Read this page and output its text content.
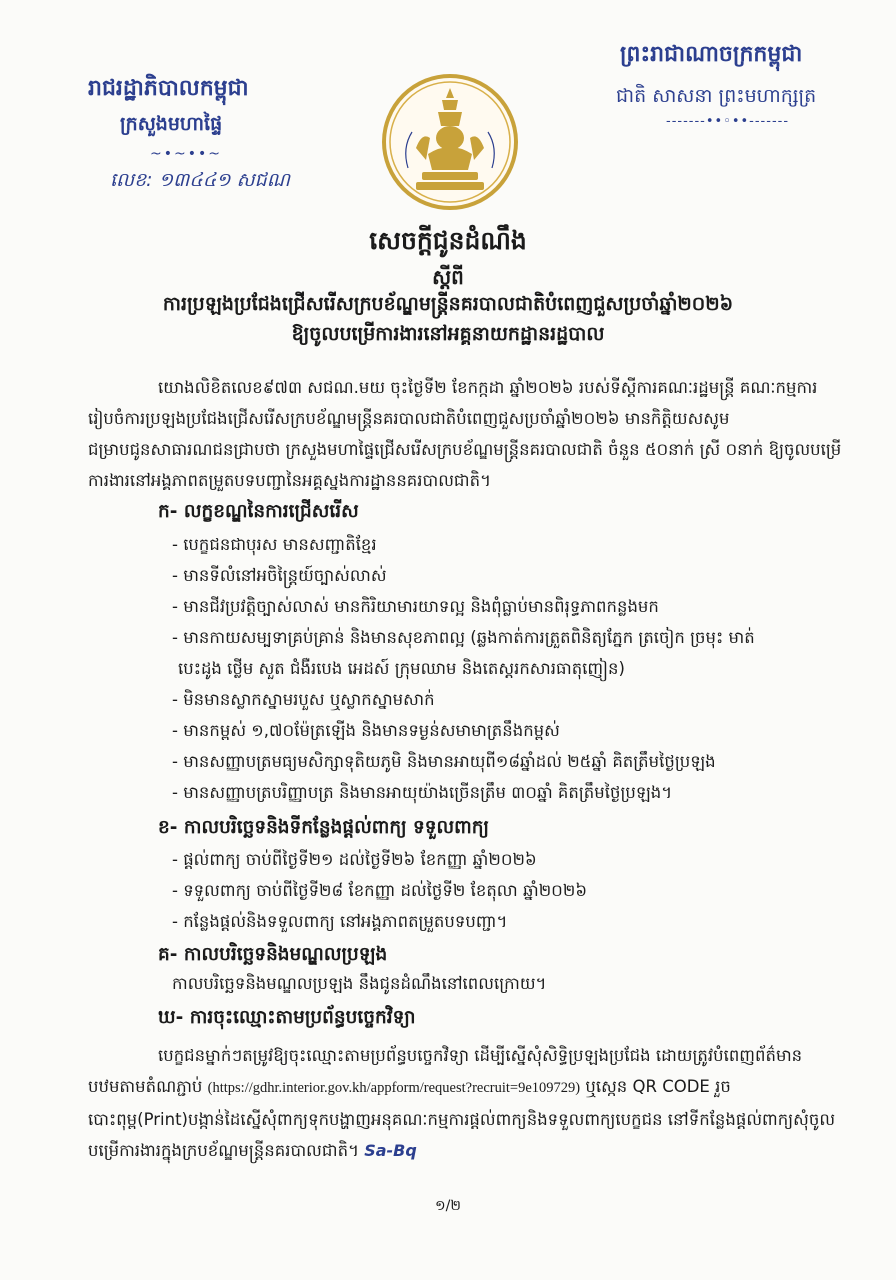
រាជរដ្ឋាភិបាលកម្ពុជា
ក្រសួងមហាផ្ទៃ
~•~••~
លេខ: ១៣៤៤១ សជណ
ព្រះរាជាណាចក្រកម្ពុជា
ជាតិ សាសនា ព្រះមហាក្សត្រ
-------••◦••-------
សេចក្តីជូនដំណឹង
ស្តីពី
ការប្រឡងប្រជែងជ្រើសរើសក្របខ័ណ្ឌមន្ត្រីនគរបាលជាតិបំពេញជួសប្រចាំឆ្នាំ២០២៦
ឱ្យចូលបម្រើការងារនៅអគ្គនាយកដ្ឋានរដ្ឋបាល
យោងលិខិតលេខ៩៧៣ សជណ.មយ ចុះថ្ងៃទី២ ខែកក្កដា ឆ្នាំ២០២៦ របស់ទីស្តីការគណៈរដ្ឋមន្ត្រី គណៈកម្មការរៀបចំការប្រឡងប្រជែងជ្រើសរើសក្របខ័ណ្ឌមន្ត្រីនគរបាលជាតិបំពេញជួសប្រចាំឆ្នាំ២០២៦ មានកិត្តិយសសូមជម្រាបជូនសាធារណជនជ្រាបថា ក្រសួងមហាផ្ទៃជ្រើសរើសក្របខ័ណ្ឌមន្ត្រីនគរបាលជាតិ ចំនួន ៥០នាក់ ស្រី ០នាក់ ឱ្យចូលបម្រើការងារនៅអង្គភាពតម្រួតបទបញ្ជានៃអគ្គស្នងការដ្ឋាននគរបាលជាតិ។
ក- លក្ខខណ្ឌនៃការជ្រើសរើស
- បេក្ខជនជាបុរស មានសញ្ជាតិខ្មែរ
- មានទីលំនៅអចិន្ត្រៃយ៍ច្បាស់លាស់
- មានជីវប្រវត្តិច្បាស់លាស់ មានកិរិយាមារយាទល្អ និងពុំធ្លាប់មានពិរុទ្ធភាពកន្លងមក
- មានកាយសម្បទាគ្រប់គ្រាន់ និងមានសុខភាពល្អ (ឆ្លងកាត់ការត្រួតពិនិត្យភ្នែក ត្រចៀក ច្រមុះ មាត់
បេះដូង ថ្លើម សួត ជំងឺរបេង អេដស៍ ក្រុមឈាម និងតេស្តរកសារធាតុញៀន)
- មិនមានស្លាកស្នាមរបួស ឬស្លាកស្នាមសាក់
- មានកម្ពស់ ១,៧០ម៉ែត្រឡើង និងមានទម្ងន់សមាមាត្រនឹងកម្ពស់
- មានសញ្ញាបត្រមធ្យមសិក្សាទុតិយភូមិ និងមានអាយុពី១៨ឆ្នាំដល់ ២៥ឆ្នាំ គិតត្រឹមថ្ងៃប្រឡង
- មានសញ្ញាបត្របរិញ្ញាបត្រ និងមានអាយុយ៉ាងច្រើនត្រឹម ៣០ឆ្នាំ គិតត្រឹមថ្ងៃប្រឡង។
ខ- កាលបរិច្ឆេទនិងទីកន្លែងផ្តល់ពាក្យ ទទួលពាក្យ
- ផ្តល់ពាក្យ ចាប់ពីថ្ងៃទី២១ ដល់ថ្ងៃទី២៦ ខែកញ្ញា ឆ្នាំ២០២៦
- ទទួលពាក្យ ចាប់ពីថ្ងៃទី២៨ ខែកញ្ញា ដល់ថ្ងៃទី២ ខែតុលា ឆ្នាំ២០២៦
- កន្លែងផ្តល់និងទទួលពាក្យ នៅអង្គភាពតម្រួតបទបញ្ជា។
គ- កាលបរិច្ឆេទនិងមណ្ឌលប្រឡង
កាលបរិច្ឆេទនិងមណ្ឌលប្រឡង នឹងជូនដំណឹងនៅពេលក្រោយ។
ឃ- ការចុះឈ្មោះតាមប្រព័ន្ធបច្ចេកវិទ្យា
បេក្ខជនម្នាក់ៗតម្រូវឱ្យចុះឈ្មោះតាមប្រព័ន្ធបច្ចេកវិទ្យា ដើម្បីស្នើសុំសិទ្ធិប្រឡងប្រជែង ដោយត្រូវបំពេញព័ត៌មានបឋមតាមតំណភ្ជាប់ (https://gdhr.interior.gov.kh/appform/request?recruit=9e109729) ឬស្កេន QR CODE រួចបោះពុម្ព(Print)បង្កាន់ដៃស្នើសុំពាក្យទុកបង្ហាញអនុគណៈកម្មការផ្តល់ពាក្យនិងទទួលពាក្យបេក្ខជន នៅទីកន្លែងផ្តល់ពាក្យសុំចូលបម្រើការងារក្នុងក្របខ័ណ្ឌមន្ត្រីនគរបាលជាតិ។ Sa-Bq
១/២
